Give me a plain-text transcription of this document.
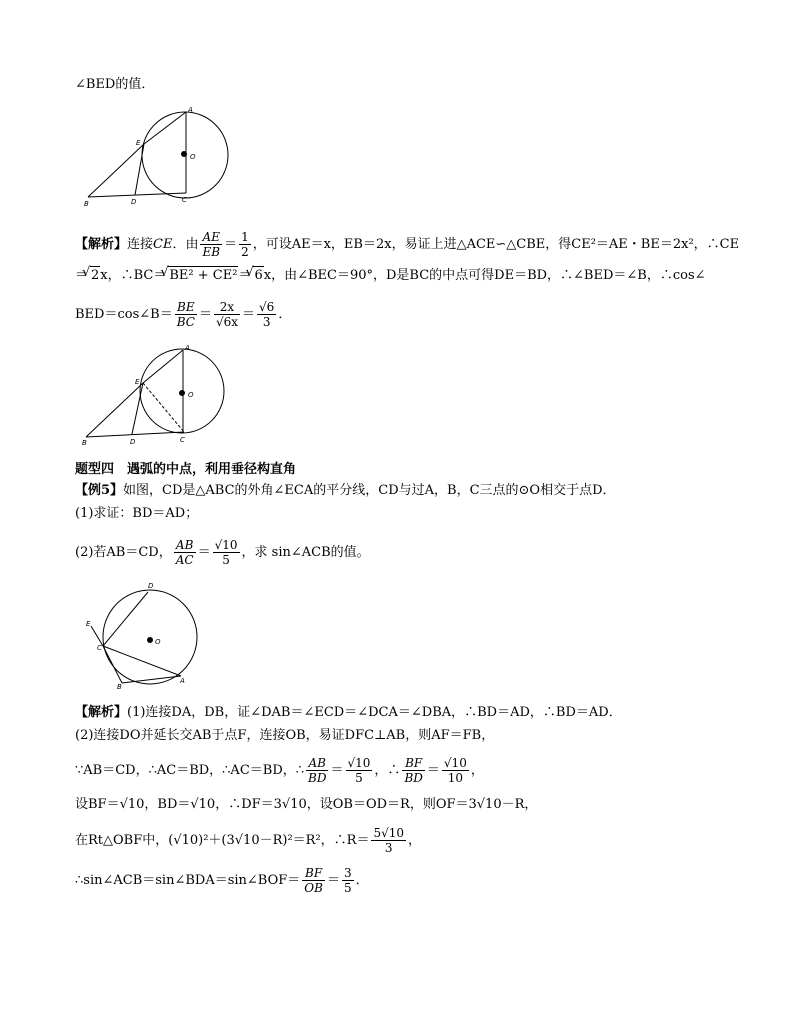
A
E
O
B	D	C
A
E
O
B	D	C
D
E
C
O
B
A
∠BED的值．
【解析】连接CE．由 $\frac{AE}{EB} = \frac{1}{2}$ ，可设AE＝x，EB＝2x，易证上进△ACE∽△CBE，得CE²＝AE・BE＝2x²，∴CE
＝ √ 2x，∴BC＝ √ BE² + CE²＝ √ 6x，由∠BEC＝90°，D是BC的中点可得DE＝BD，∴∠BED＝∠B，∴cos∠
BED＝cos∠B＝ $\frac{BE}{BC} = \frac{2x}{√6x} = \frac{√6}{3}$ ．
题型四　遇弧的中点，利用垂径构直角
【例5】如图，CD是△ABC的外角∠ECA的平分线，CD与过A，B，C三点的⊙O相交于点D．
(1)求证：BD＝AD；
(2)若AB＝CD， $\frac{AB}{AC} = \frac{√10}{5}$ ，求 sin∠ACB的值。
【解析】(1)连接DA，DB，证∠DAB＝∠ECD＝∠DCA＝∠DBA，∴BD＝AD，∴BD＝AD．
(2)连接DO并延长交AB于点F，连接OB，易证DFC⊥AB，则AF＝FB，
∵AB＝CD，∴AC＝BD，∴AC＝BD，∴ $\frac{AB}{BD} = \frac{√10}{5}$ ，∴ $\frac{BF}{BD} = \frac{√10}{10}$ ，
设BF＝√10，BD＝√10，∴DF＝3√10，设OB＝OD＝R，则OF＝3√10－R，
在Rt△OBF中，(√10)²＋(3√10－R)²＝R²，∴R＝ $\frac{5√10}{3}$ ，
∴sin∠ACB＝sin∠BDA＝sin∠BOF＝ $\frac{BF}{OB} = \frac{3}{5}$ ．
